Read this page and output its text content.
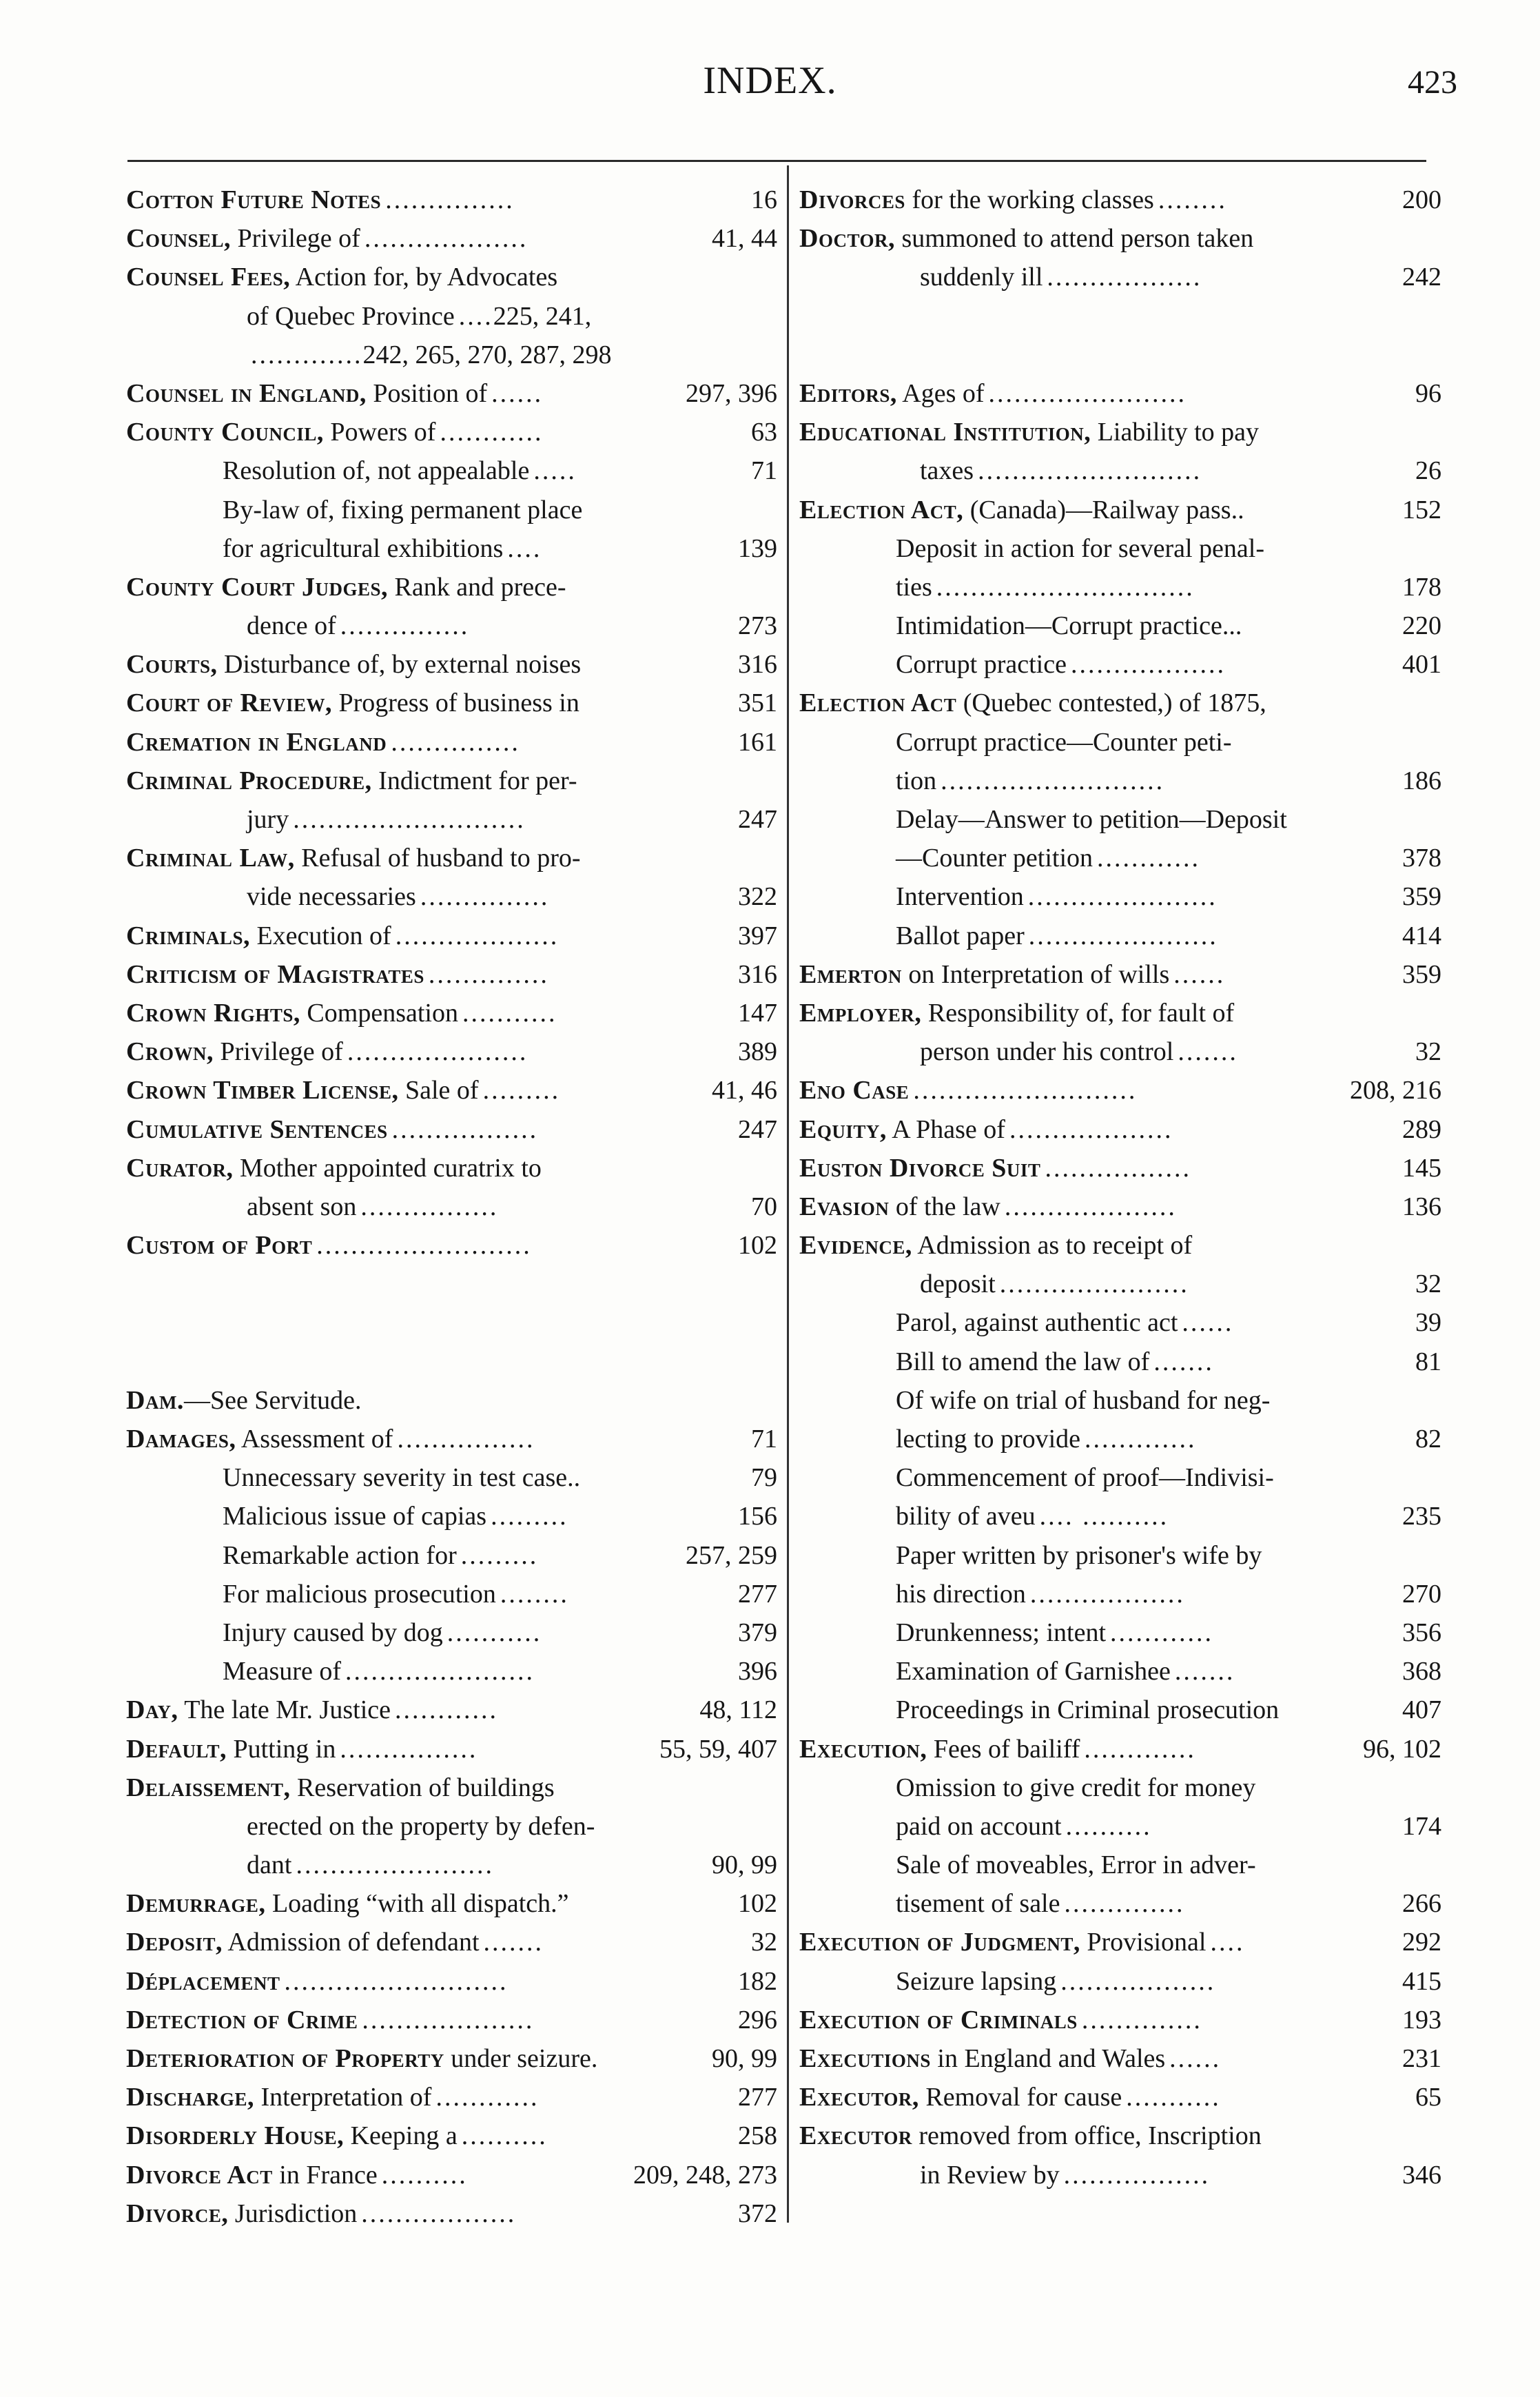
INDEX.	423
Cotton Future Notes ...............	16
Counsel, Privilege of ...................	41, 44
Counsel Fees, Action for, by Advocates
of Quebec Province ....225, 241,
.............242, 265, 270, 287, 298
Counsel in England, Position of ......	297, 396
County Council, Powers of ............	63
Resolution of, not appealable .....	71
By-law of, fixing permanent place
for agricultural exhibitions ....	139
County Court Judges, Rank and prece-
dence of ...............	273
Courts, Disturbance of, by external noises	316
Court of Review, Progress of business in	351
Cremation in England ...............	161
Criminal Procedure, Indictment for per-
jury ...........................	247
Criminal Law, Refusal of husband to pro-
vide necessaries ...............	322
Criminals, Execution of ...................	397
Criticism of Magistrates ..............	316
Crown Rights, Compensation ...........	147
Crown, Privilege of .....................	389
Crown Timber License, Sale of .........	41, 46
Cumulative Sentences .................	247
Curator, Mother appointed curatrix to
absent son ................	70
Custom of Port .........................	102
Dam.—See Servitude.
Damages, Assessment of ................	71
Unnecessary severity in test case..	79
Malicious issue of capias .........	156
Remarkable action for .........	257, 259
For malicious prosecution ........	277
Injury caused by dog ...........	379
Measure of ......................	396
Day, The late Mr. Justice ............	48, 112
Default, Putting in ................	55, 59, 407
Delaissement, Reservation of buildings
erected on the property by defen-
dant .......................	90, 99
Demurrage, Loading “with all dispatch.”	102
Deposit, Admission of defendant .......	32
Déplacement ..........................	182
Detection of Crime ....................	296
Deterioration of Property under seizure.	90, 99
Discharge, Interpretation of ............	277
Disorderly House, Keeping a ..........	258
Divorce Act in France ..........	209, 248, 273
Divorce, Jurisdiction ..................	372
Divorces for the working classes ........	200
Doctor, summoned to attend person taken
suddenly ill ..................	242
Editors, Ages of .......................	96
Educational Institution, Liability to pay
taxes ..........................	26
Election Act, (Canada)—Railway pass..	152
Deposit in action for several penal-
ties ..............................	178
Intimidation—Corrupt practice...	220
Corrupt practice ..................	401
Election Act (Quebec contested,) of 1875,
Corrupt practice—Counter peti-
tion ..........................	186
Delay—Answer to petition—Deposit
—Counter petition ............	378
Intervention ......................	359
Ballot paper ......................	414
Emerton on Interpretation of wills ......	359
Employer, Responsibility of, for fault of
person under his control .......	32
Eno Case ..........................	208, 216
Equity, A Phase of ...................	289
Euston Divorce Suit .................	145
Evasion of the law ....................	136
Evidence, Admission as to receipt of
deposit ......................	32
Parol, against authentic act ......	39
Bill to amend the law of .......	81
Of wife on trial of husband for neg-
lecting to provide .............	82
Commencement of proof—Indivisi-
bility of aveu .... ..........	235
Paper written by prisoner's wife by
his direction ..................	270
Drunkenness; intent ............	356
Examination of Garnishee .......	368
Proceedings in Criminal prosecution	407
Execution, Fees of bailiff .............	96, 102
Omission to give credit for money
paid on account ..........	174
Sale of moveables, Error in adver-
tisement of sale ..............	266
Execution of Judgment, Provisional ....	292
Seizure lapsing ..................	415
Execution of Criminals ..............	193
Executions in England and Wales ......	231
Executor, Removal for cause ...........	65
Executor removed from office, Inscription
in Review by .................	346
